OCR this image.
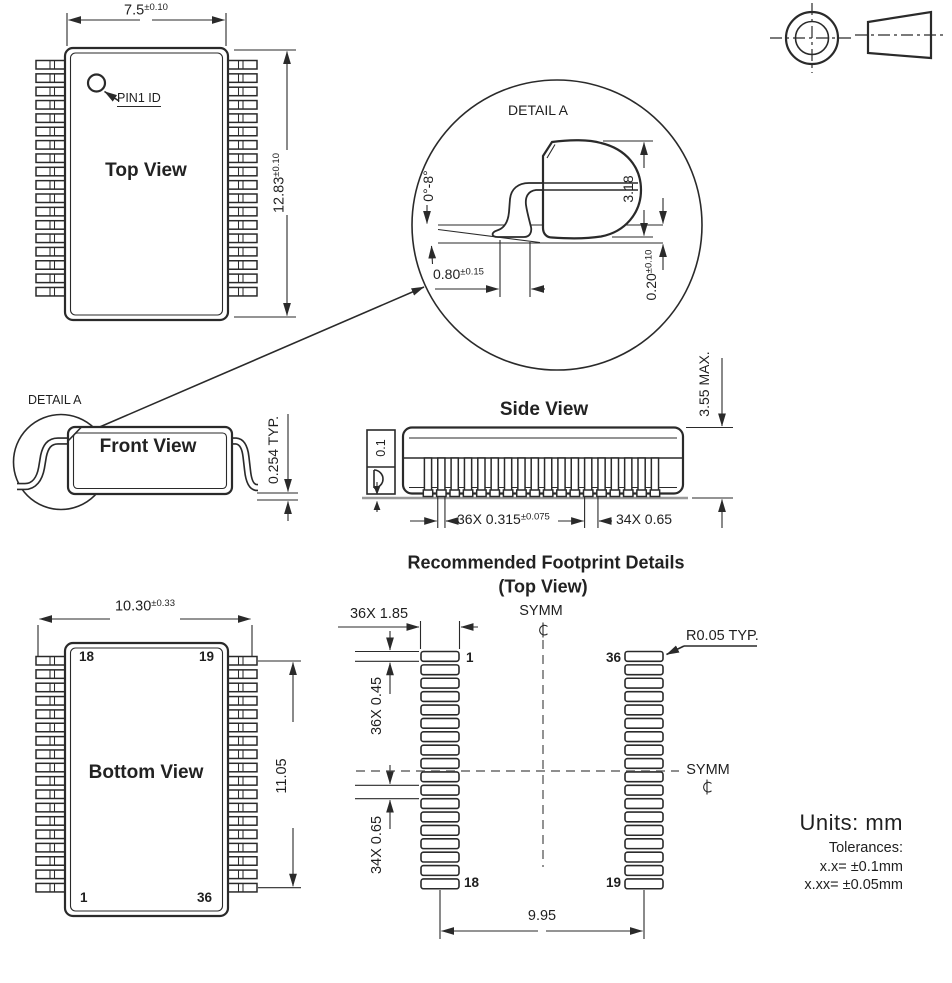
$7.5^{\pm 0.10}$
Top View
PIN1 ID
$12.83^{\pm 0.10}$
DETAIL A
0°-8°	3.18
$0.80^{\pm 0.15}$
$0.20^{\pm 0.10}$
DETAIL A
Front View	0.254 TYP.
Side View
0.1
3.55 MAX.
36X $0.315^{\pm 0.075}$	34X 0.65
Recommended Footprint Details
(Top View)
36X 1.85	SYMM
R0.05 TYP.
SYMM
36X 0.45
34X 0.65
9.95
1
18
36
19
$10.30^{\pm 0.33}$
Bottom View	11.05
18	19
1	36
Units: mm
Tolerances:
x.x= ±0.1mm
x.xx= ±0.05mm
